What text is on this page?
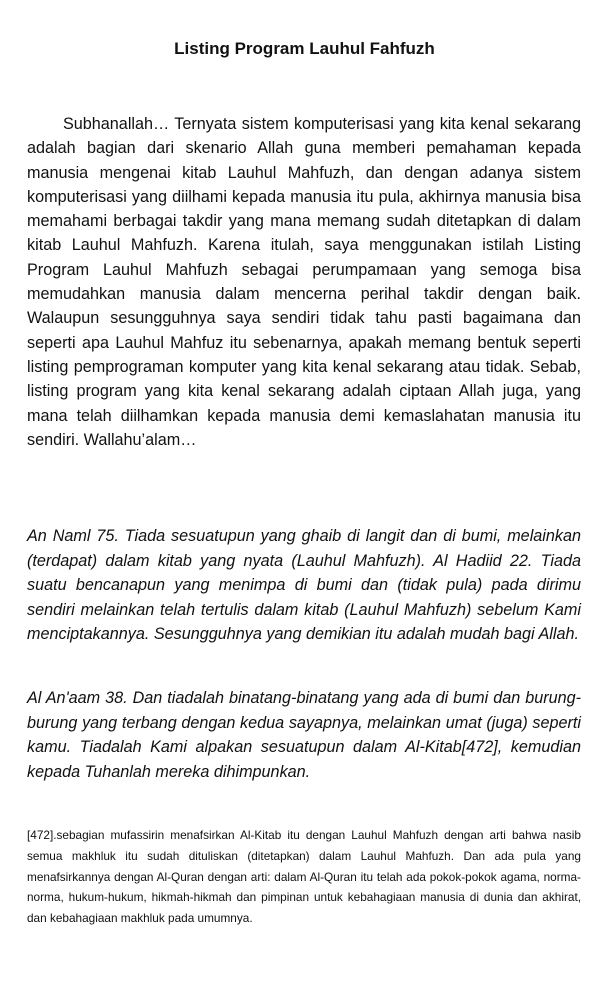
Listing Program Lauhul Fahfuzh

Subhanallah… Ternyata sistem komputerisasi yang kita kenal sekarang adalah bagian dari skenario Allah guna memberi pemahaman kepada manusia mengenai kitab Lauhul Mahfuzh, dan dengan adanya sistem komputerisasi yang diilhami kepada manusia itu pula, akhirnya manusia bisa memahami berbagai takdir yang mana memang sudah ditetapkan di dalam kitab Lauhul Mahfuzh. Karena itulah, saya menggunakan istilah Listing Program Lauhul Mahfuzh sebagai perumpamaan yang semoga bisa memudahkan manusia dalam mencerna perihal takdir dengan baik. Walaupun sesungguhnya saya sendiri tidak tahu pasti bagaimana dan seperti apa Lauhul Mahfuz itu sebenarnya, apakah memang bentuk seperti listing pemprograman komputer yang kita kenal sekarang atau tidak. Sebab, listing program yang kita kenal sekarang adalah ciptaan Allah juga, yang mana telah diilhamkan kepada manusia demi kemaslahatan manusia itu sendiri. Wallahu’alam…

An Naml 75. Tiada sesuatupun yang ghaib di langit dan di bumi, melainkan (terdapat) dalam kitab yang nyata (Lauhul Mahfuzh). Al Hadiid 22. Tiada suatu bencanapun yang menimpa di bumi dan (tidak pula) pada dirimu sendiri melainkan telah tertulis dalam kitab (Lauhul Mahfuzh) sebelum Kami menciptakannya. Sesungguhnya yang demikian itu adalah mudah bagi Allah.

Al An'aam 38. Dan tiadalah binatang-binatang yang ada di bumi dan burung-burung yang terbang dengan kedua sayapnya, melainkan umat (juga) seperti kamu. Tiadalah Kami alpakan sesuatupun dalam Al-Kitab[472], kemudian kepada Tuhanlah mereka dihimpunkan.

[472].sebagian mufassirin menafsirkan Al-Kitab itu dengan Lauhul Mahfuzh dengan arti bahwa nasib semua makhluk itu sudah dituliskan (ditetapkan) dalam Lauhul Mahfuzh. Dan ada pula yang menafsirkannya dengan Al-Quran dengan arti: dalam Al-Quran itu telah ada pokok-pokok agama, norma-norma, hukum-hukum, hikmah-hikmah dan pimpinan untuk kebahagiaan manusia di dunia dan akhirat, dan kebahagiaan makhluk pada umumnya.
